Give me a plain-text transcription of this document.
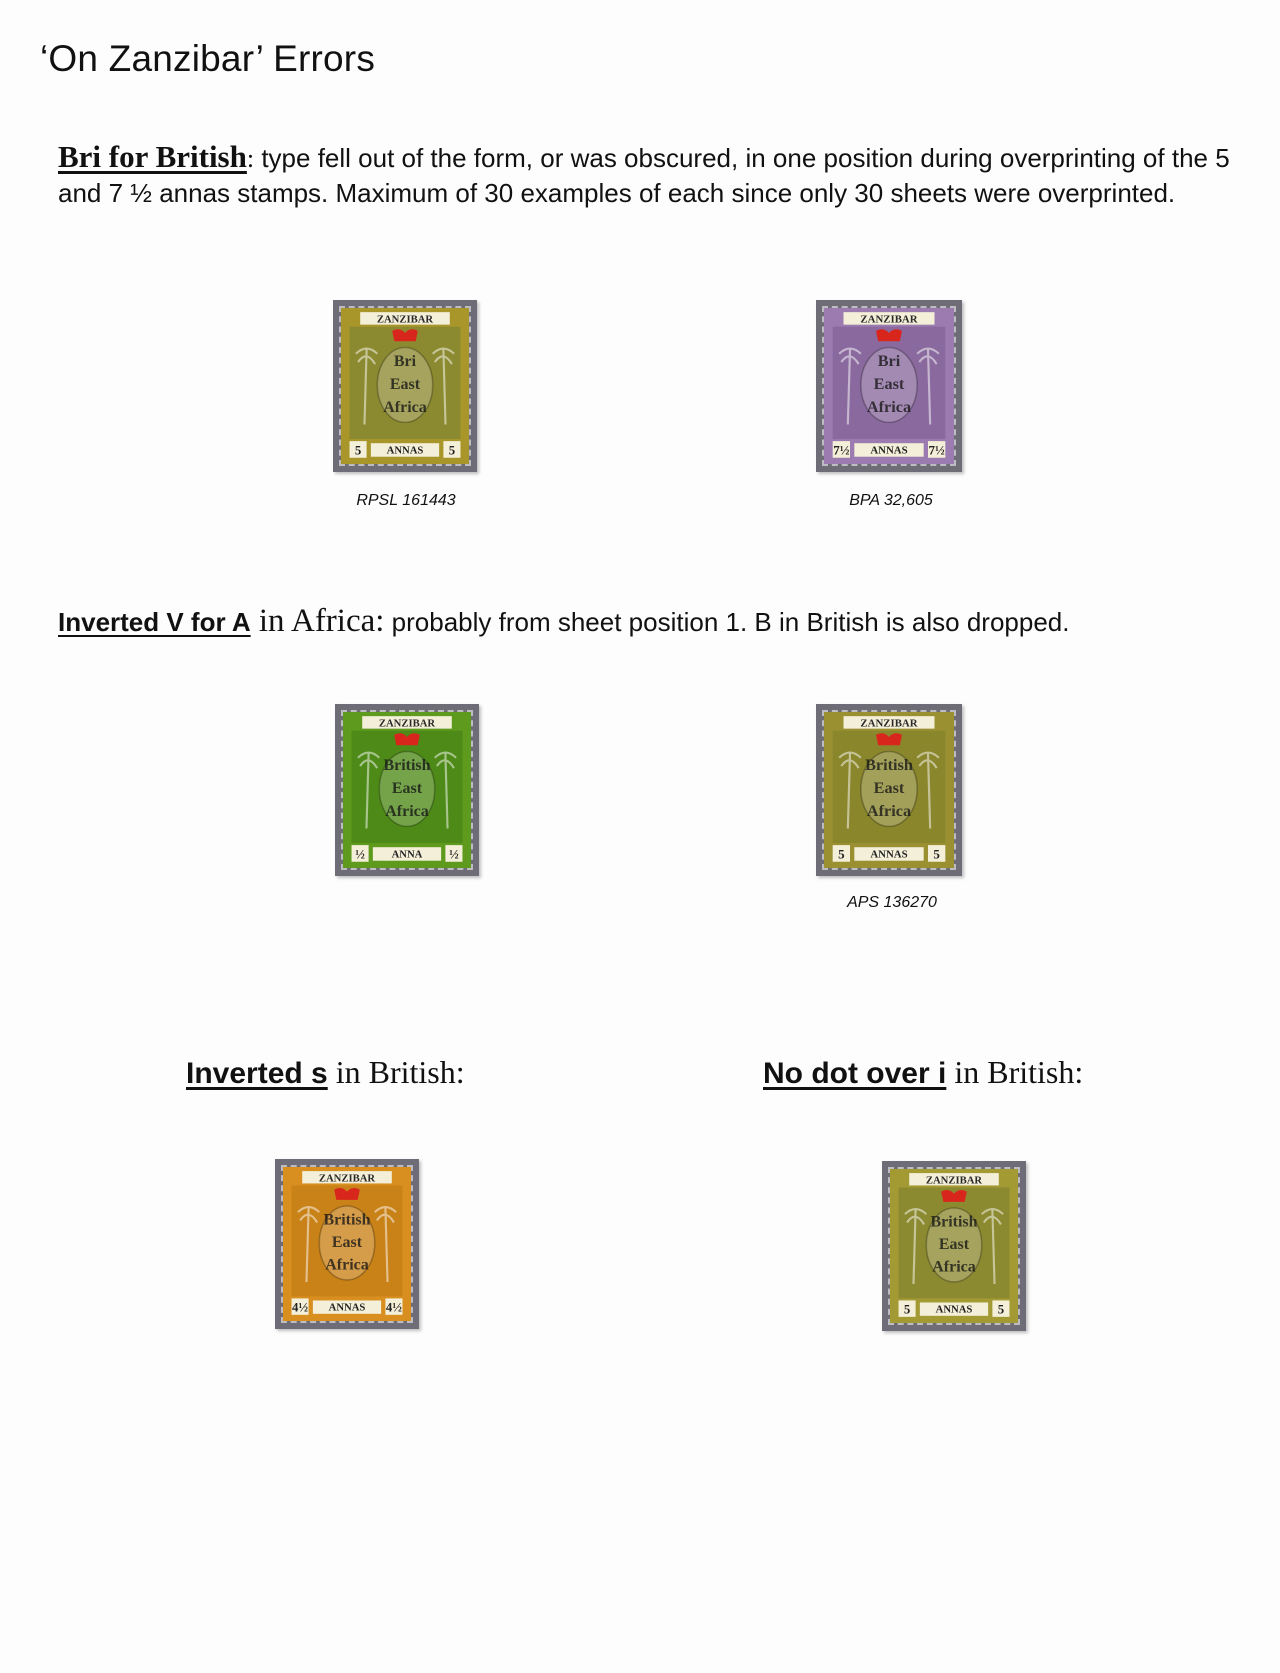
‘On Zanzibar’ Errors
Bri for British: type fell out of the form, or was obscured, in one position during overprinting of the 5 and 7 ½ annas stamps. Maximum of 30 examples of each since only 30 sheets were overprinted.
ZANZIBAR
Bri
East
Africa
5	5
ANNAS
RPSL 161443
ZANZIBAR
Bri
East
Africa
7½	7½
ANNAS
BPA 32,605
Inverted V for A in Africa: probably from sheet position 1. B in British is also dropped.
ZANZIBAR
British
East
Africa
½	½
ANNA
ZANZIBAR
British
East
Africa
5	5
ANNAS
APS 136270
Inverted s in British:	No dot over i in British:
ZANZIBAR
British
East
Africa
4½	4½
ANNAS
ZANZIBAR
British
East
Africa
5	5
ANNAS
